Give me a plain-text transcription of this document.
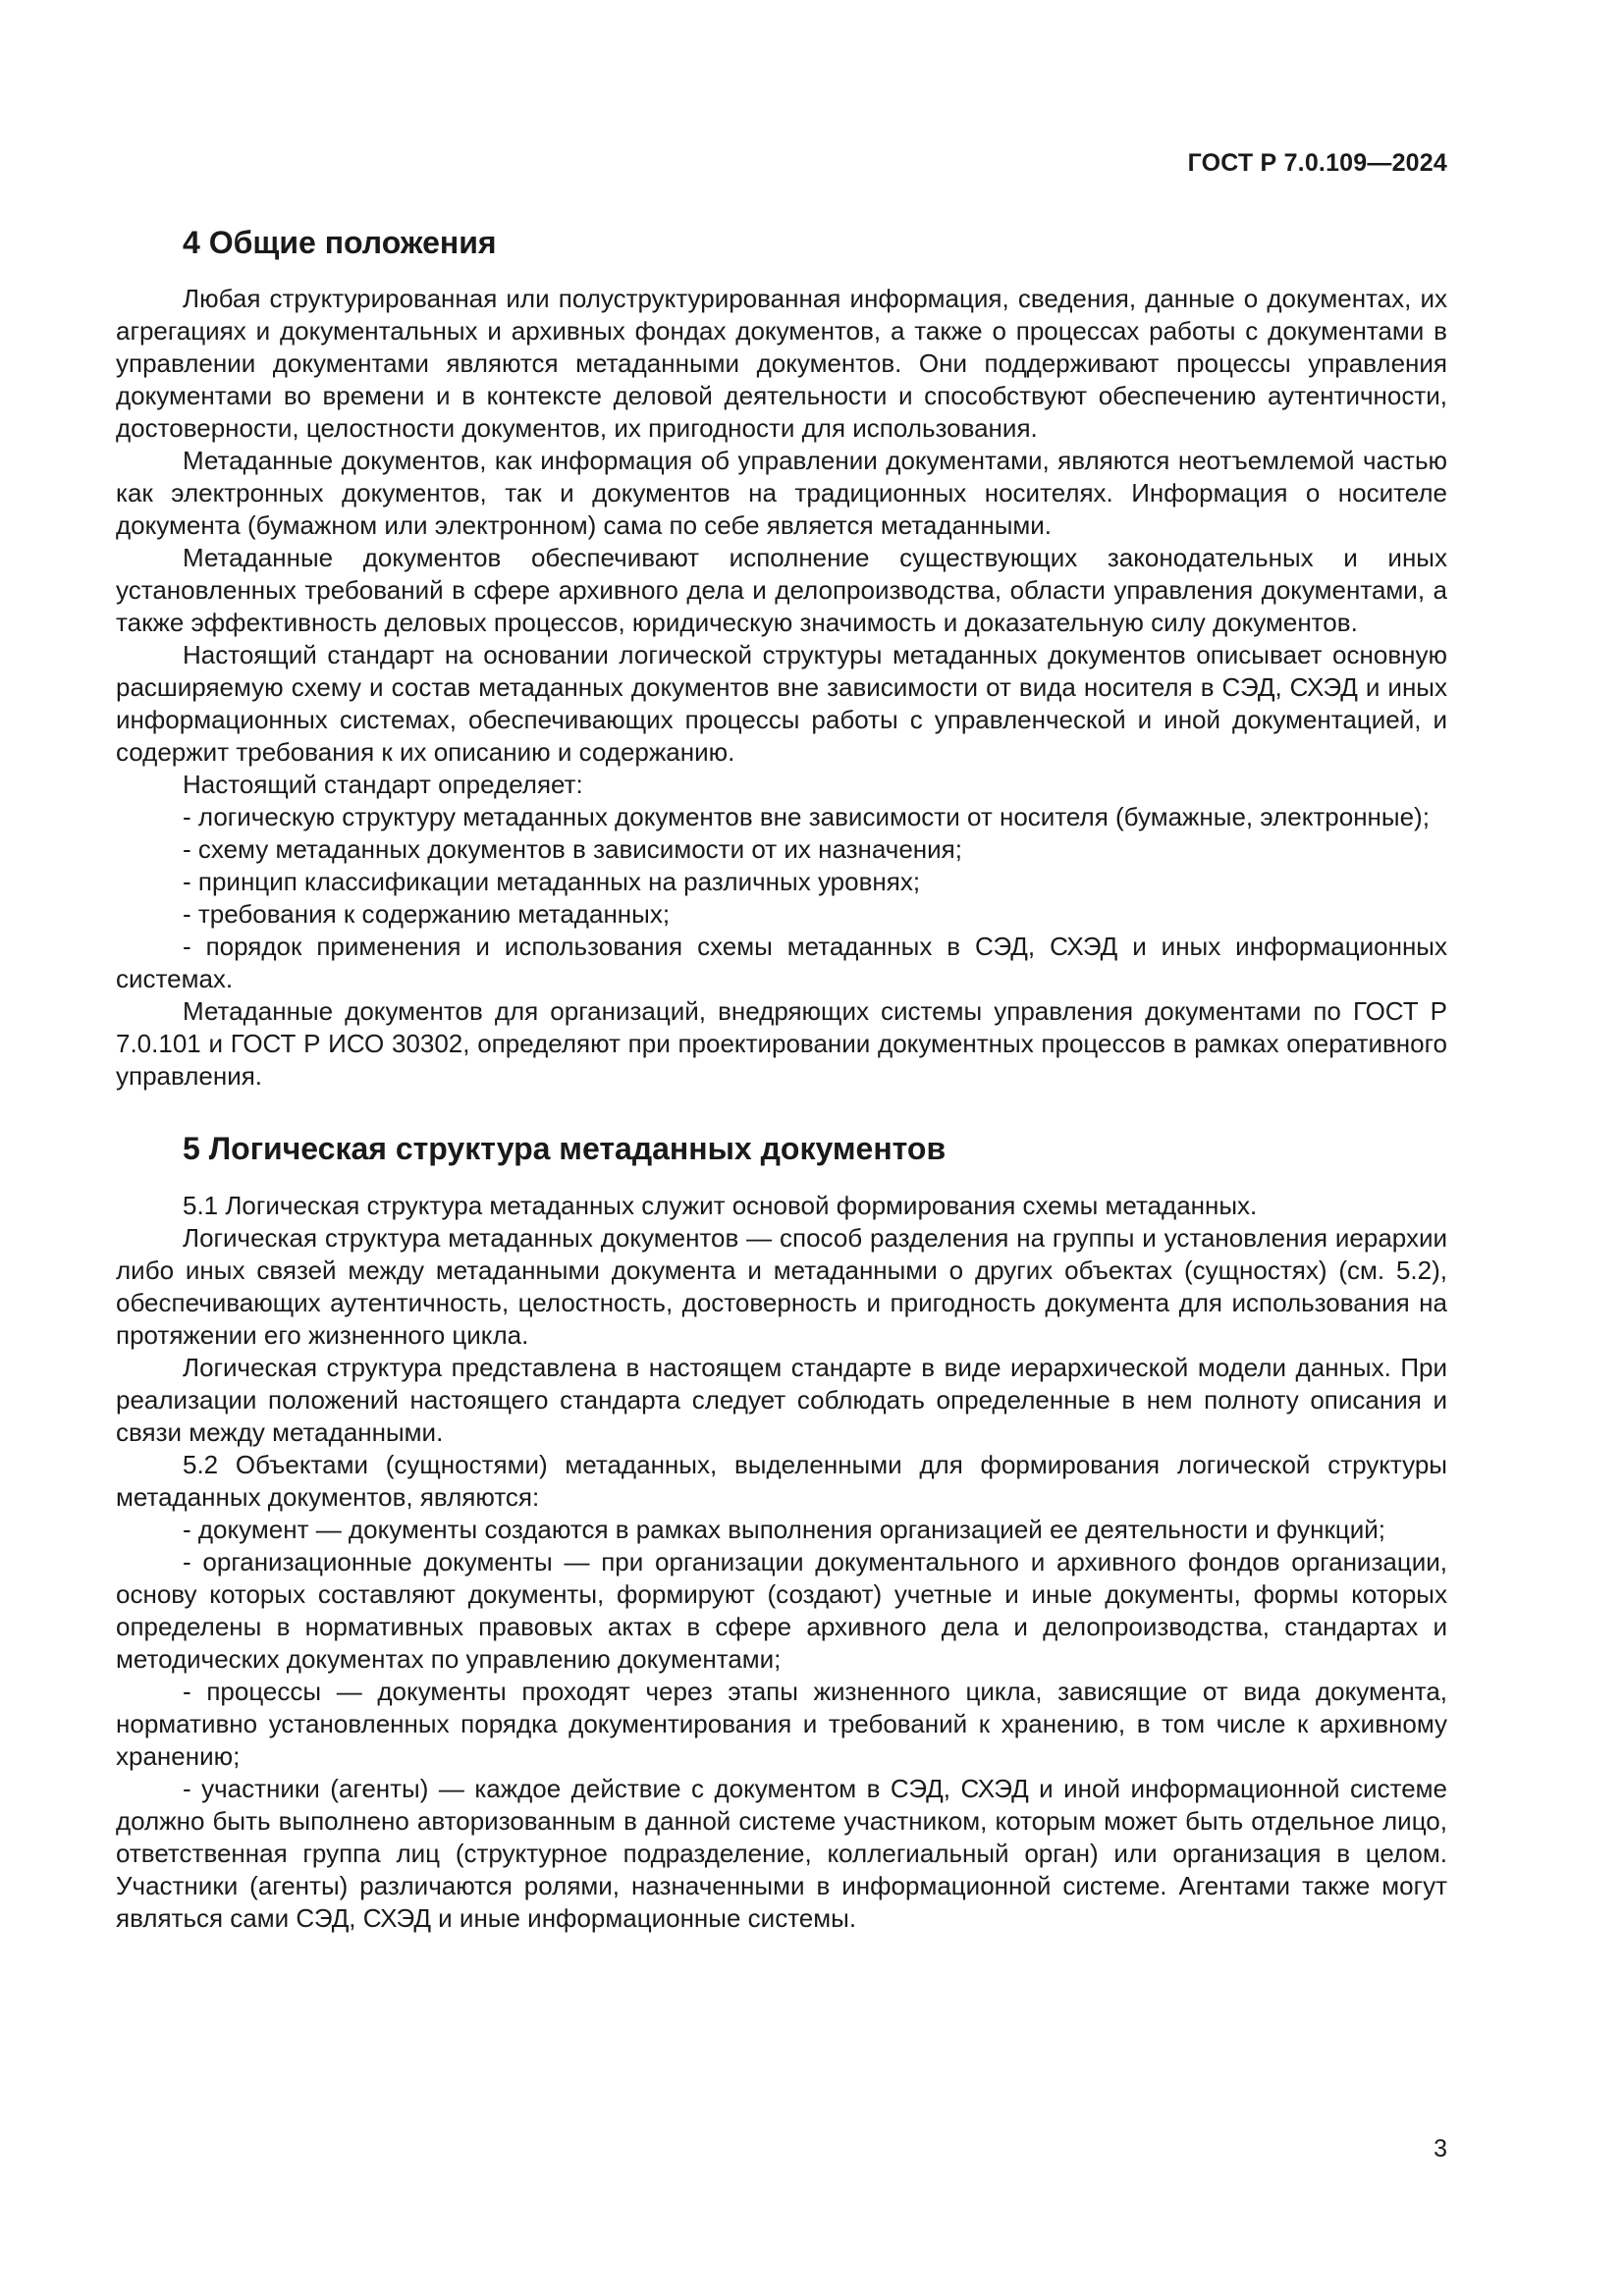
ГОСТ Р 7.0.109—2024
4 Общие положения

Любая структурированная или полуструктурированная информация, сведения, данные о документах, их агрегациях и документальных и архивных фондах документов, а также о процессах работы с документами в управлении документами являются метаданными документов. Они поддерживают процессы управления документами во времени и в контексте деловой деятельности и способствуют обеспечению аутентичности, достоверности, целостности документов, их пригодности для использования.

Метаданные документов, как информация об управлении документами, являются неотъемлемой частью как электронных документов, так и документов на традиционных носителях. Информация о носителе документа (бумажном или электронном) сама по себе является метаданными.

Метаданные документов обеспечивают исполнение существующих законодательных и иных установленных требований в сфере архивного дела и делопроизводства, области управления документами, а также эффективность деловых процессов, юридическую значимость и доказательную силу документов.

Настоящий стандарт на основании логической структуры метаданных документов описывает основную расширяемую схему и состав метаданных документов вне зависимости от вида носителя в СЭД, СХЭД и иных информационных системах, обеспечивающих процессы работы с управленческой и иной документацией, и содержит требования к их описанию и содержанию.

Настоящий стандарт определяет:

- логическую структуру метаданных документов вне зависимости от носителя (бумажные, электронные);

- схему метаданных документов в зависимости от их назначения;

- принцип классификации метаданных на различных уровнях;

- требования к содержанию метаданных;

- порядок применения и использования схемы метаданных в СЭД, СХЭД и иных информационных системах.

Метаданные документов для организаций, внедряющих системы управления документами по ГОСТ Р 7.0.101 и ГОСТ Р ИСО 30302, определяют при проектировании документных процессов в рамках оперативного управления.

5 Логическая структура метаданных документов

5.1 Логическая структура метаданных служит основой формирования схемы метаданных.

Логическая структура метаданных документов — способ разделения на группы и установления иерархии либо иных связей между метаданными документа и метаданными о других объектах (сущностях) (см. 5.2), обеспечивающих аутентичность, целостность, достоверность и пригодность документа для использования на протяжении его жизненного цикла.

Логическая структура представлена в настоящем стандарте в виде иерархической модели данных. При реализации положений настоящего стандарта следует соблюдать определенные в нем полноту описания и связи между метаданными.

5.2 Объектами (сущностями) метаданных, выделенными для формирования логической структуры метаданных документов, являются:

- документ — документы создаются в рамках выполнения организацией ее деятельности и функций;

- организационные документы — при организации документального и архивного фондов организации, основу которых составляют документы, формируют (создают) учетные и иные документы, формы которых определены в нормативных правовых актах в сфере архивного дела и делопроизводства, стандартах и методических документах по управлению документами;

- процессы — документы проходят через этапы жизненного цикла, зависящие от вида документа, нормативно установленных порядка документирования и требований к хранению, в том числе к архивному хранению;

- участники (агенты) — каждое действие с документом в СЭД, СХЭД и иной информационной системе должно быть выполнено авторизованным в данной системе участником, которым может быть отдельное лицо, ответственная группа лиц (структурное подразделение, коллегиальный орган) или организация в целом. Участники (агенты) различаются ролями, назначенными в информационной системе. Агентами также могут являться сами СЭД, СХЭД и иные информационные системы.

3
